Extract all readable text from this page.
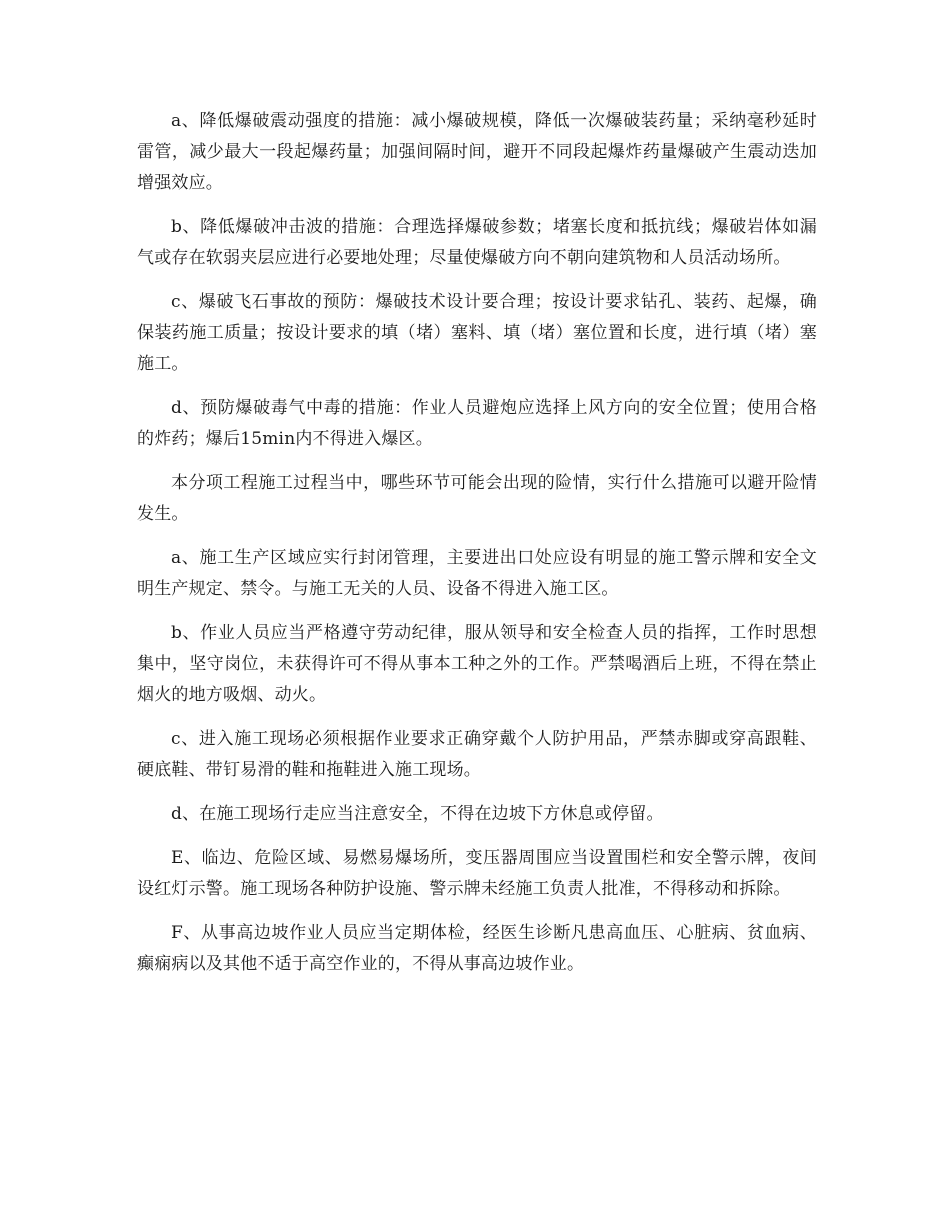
a、降低爆破震动强度的措施：减小爆破规模，降低一次爆破装药量；采纳毫秒延时雷管，减少最大一段起爆药量；加强间隔时间，避开不同段起爆炸药量爆破产生震动迭加增强效应。

b、降低爆破冲击波的措施：合理选择爆破参数；堵塞长度和抵抗线；爆破岩体如漏气或存在软弱夹层应进行必要地处理；尽量使爆破方向不朝向建筑物和人员活动场所。

c、爆破飞石事故的预防：爆破技术设计要合理；按设计要求钻孔、装药、起爆，确保装药施工质量；按设计要求的填（堵）塞料、填（堵）塞位置和长度，进行填（堵）塞施工。

d、预防爆破毒气中毒的措施：作业人员避炮应选择上风方向的安全位置；使用合格的炸药；爆后15min内不得进入爆区。

本分项工程施工过程当中，哪些环节可能会出现的险情，实行什么措施可以避开险情发生。

a、施工生产区域应实行封闭管理，主要进出口处应设有明显的施工警示牌和安全文明生产规定、禁令。与施工无关的人员、设备不得进入施工区。

b、作业人员应当严格遵守劳动纪律，服从领导和安全检查人员的指挥，工作时思想集中，坚守岗位，未获得许可不得从事本工种之外的工作。严禁喝酒后上班，不得在禁止烟火的地方吸烟、动火。

c、进入施工现场必须根据作业要求正确穿戴个人防护用品，严禁赤脚或穿高跟鞋、硬底鞋、带钉易滑的鞋和拖鞋进入施工现场。

d、在施工现场行走应当注意安全，不得在边坡下方休息或停留。

E、临边、危险区域、易燃易爆场所，变压器周围应当设置围栏和安全警示牌，夜间设红灯示警。施工现场各种防护设施、警示牌未经施工负责人批准，不得移动和拆除。

F、从事高边坡作业人员应当定期体检，经医生诊断凡患高血压、心脏病、贫血病、癫痫病以及其他不适于高空作业的，不得从事高边坡作业。
